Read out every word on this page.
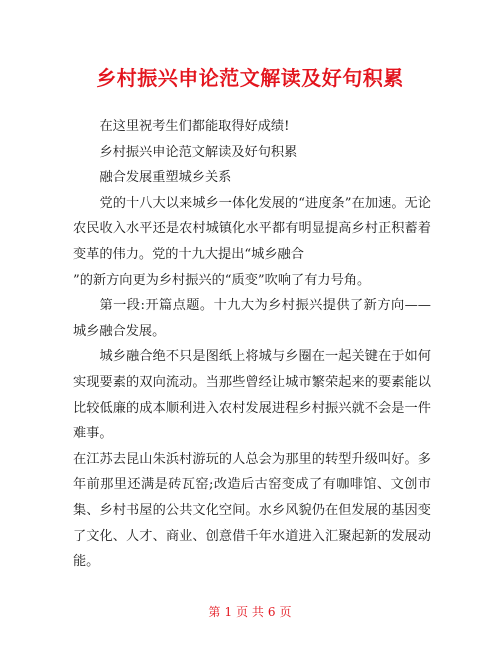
乡村振兴申论范文解读及好句积累

在这里祝考生们都能取得好成绩!

乡村振兴申论范文解读及好句积累

融合发展重塑城乡关系

党的十八大以来城乡一体化发展的“进度条”在加速。无论农民收入水平还是农村城镇化水平都有明显提高乡村正积蓄着变革的伟力。党的十九大提出“城乡融合

”的新方向更为乡村振兴的“质变”吹响了有力号角。

第一段:开篇点题。十九大为乡村振兴提供了新方向——城乡融合发展。

城乡融合绝不只是图纸上将城与乡圈在一起关键在于如何实现要素的双向流动。当那些曾经让城市繁荣起来的要素能以比较低廉的成本顺利进入农村发展进程乡村振兴就不会是一件难事。

在江苏去昆山朱浜村游玩的人总会为那里的转型升级叫好。多年前那里还满是砖瓦窑;改造后古窑变成了有咖啡馆、文创市集、乡村书屋的公共文化空间。水乡风貌仍在但发展的基因变了文化、人才、商业、创意借千年水道进入汇聚起新的发展动能。

第 1 页 共 6 页
